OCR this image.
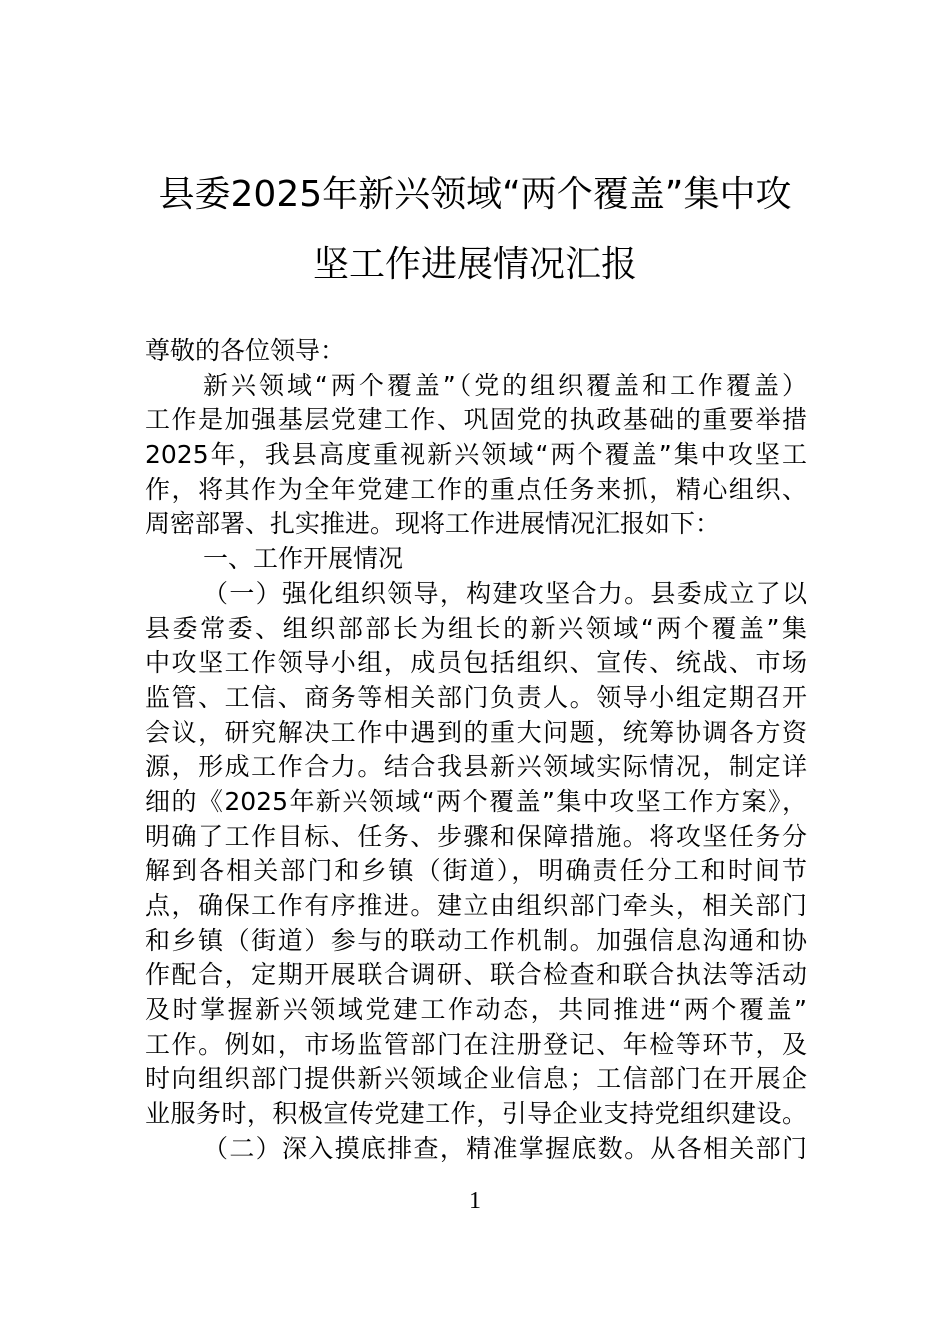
县委2025年新兴领域“两个覆盖”集中攻
坚工作进展情况汇报
尊敬的各位领导：
新兴领域“两个覆盖”（党的组织覆盖和工作覆盖）
工作是加强基层党建工作、巩固党的执政基础的重要举措
2025年，我县高度重视新兴领域“两个覆盖”集中攻坚工
作，将其作为全年党建工作的重点任务来抓，精心组织、
周密部署、扎实推进。现将工作进展情况汇报如下：
一、工作开展情况
（一）强化组织领导，构建攻坚合力。县委成立了以
县委常委、组织部部长为组长的新兴领域“两个覆盖”集
中攻坚工作领导小组，成员包括组织、宣传、统战、市场
监管、工信、商务等相关部门负责人。领导小组定期召开
会议，研究解决工作中遇到的重大问题，统筹协调各方资
源，形成工作合力。结合我县新兴领域实际情况，制定详
细的《2025年新兴领域“两个覆盖”集中攻坚工作方案》，
明确了工作目标、任务、步骤和保障措施。将攻坚任务分
解到各相关部门和乡镇（街道），明确责任分工和时间节
点，确保工作有序推进。建立由组织部门牵头，相关部门
和乡镇（街道）参与的联动工作机制。加强信息沟通和协
作配合，定期开展联合调研、联合检查和联合执法等活动
及时掌握新兴领域党建工作动态，共同推进“两个覆盖”
工作。例如，市场监管部门在注册登记、年检等环节，及
时向组织部门提供新兴领域企业信息；工信部门在开展企
业服务时，积极宣传党建工作，引导企业支持党组织建设。
（二）深入摸底排查，精准掌握底数。从各相关部门
1
